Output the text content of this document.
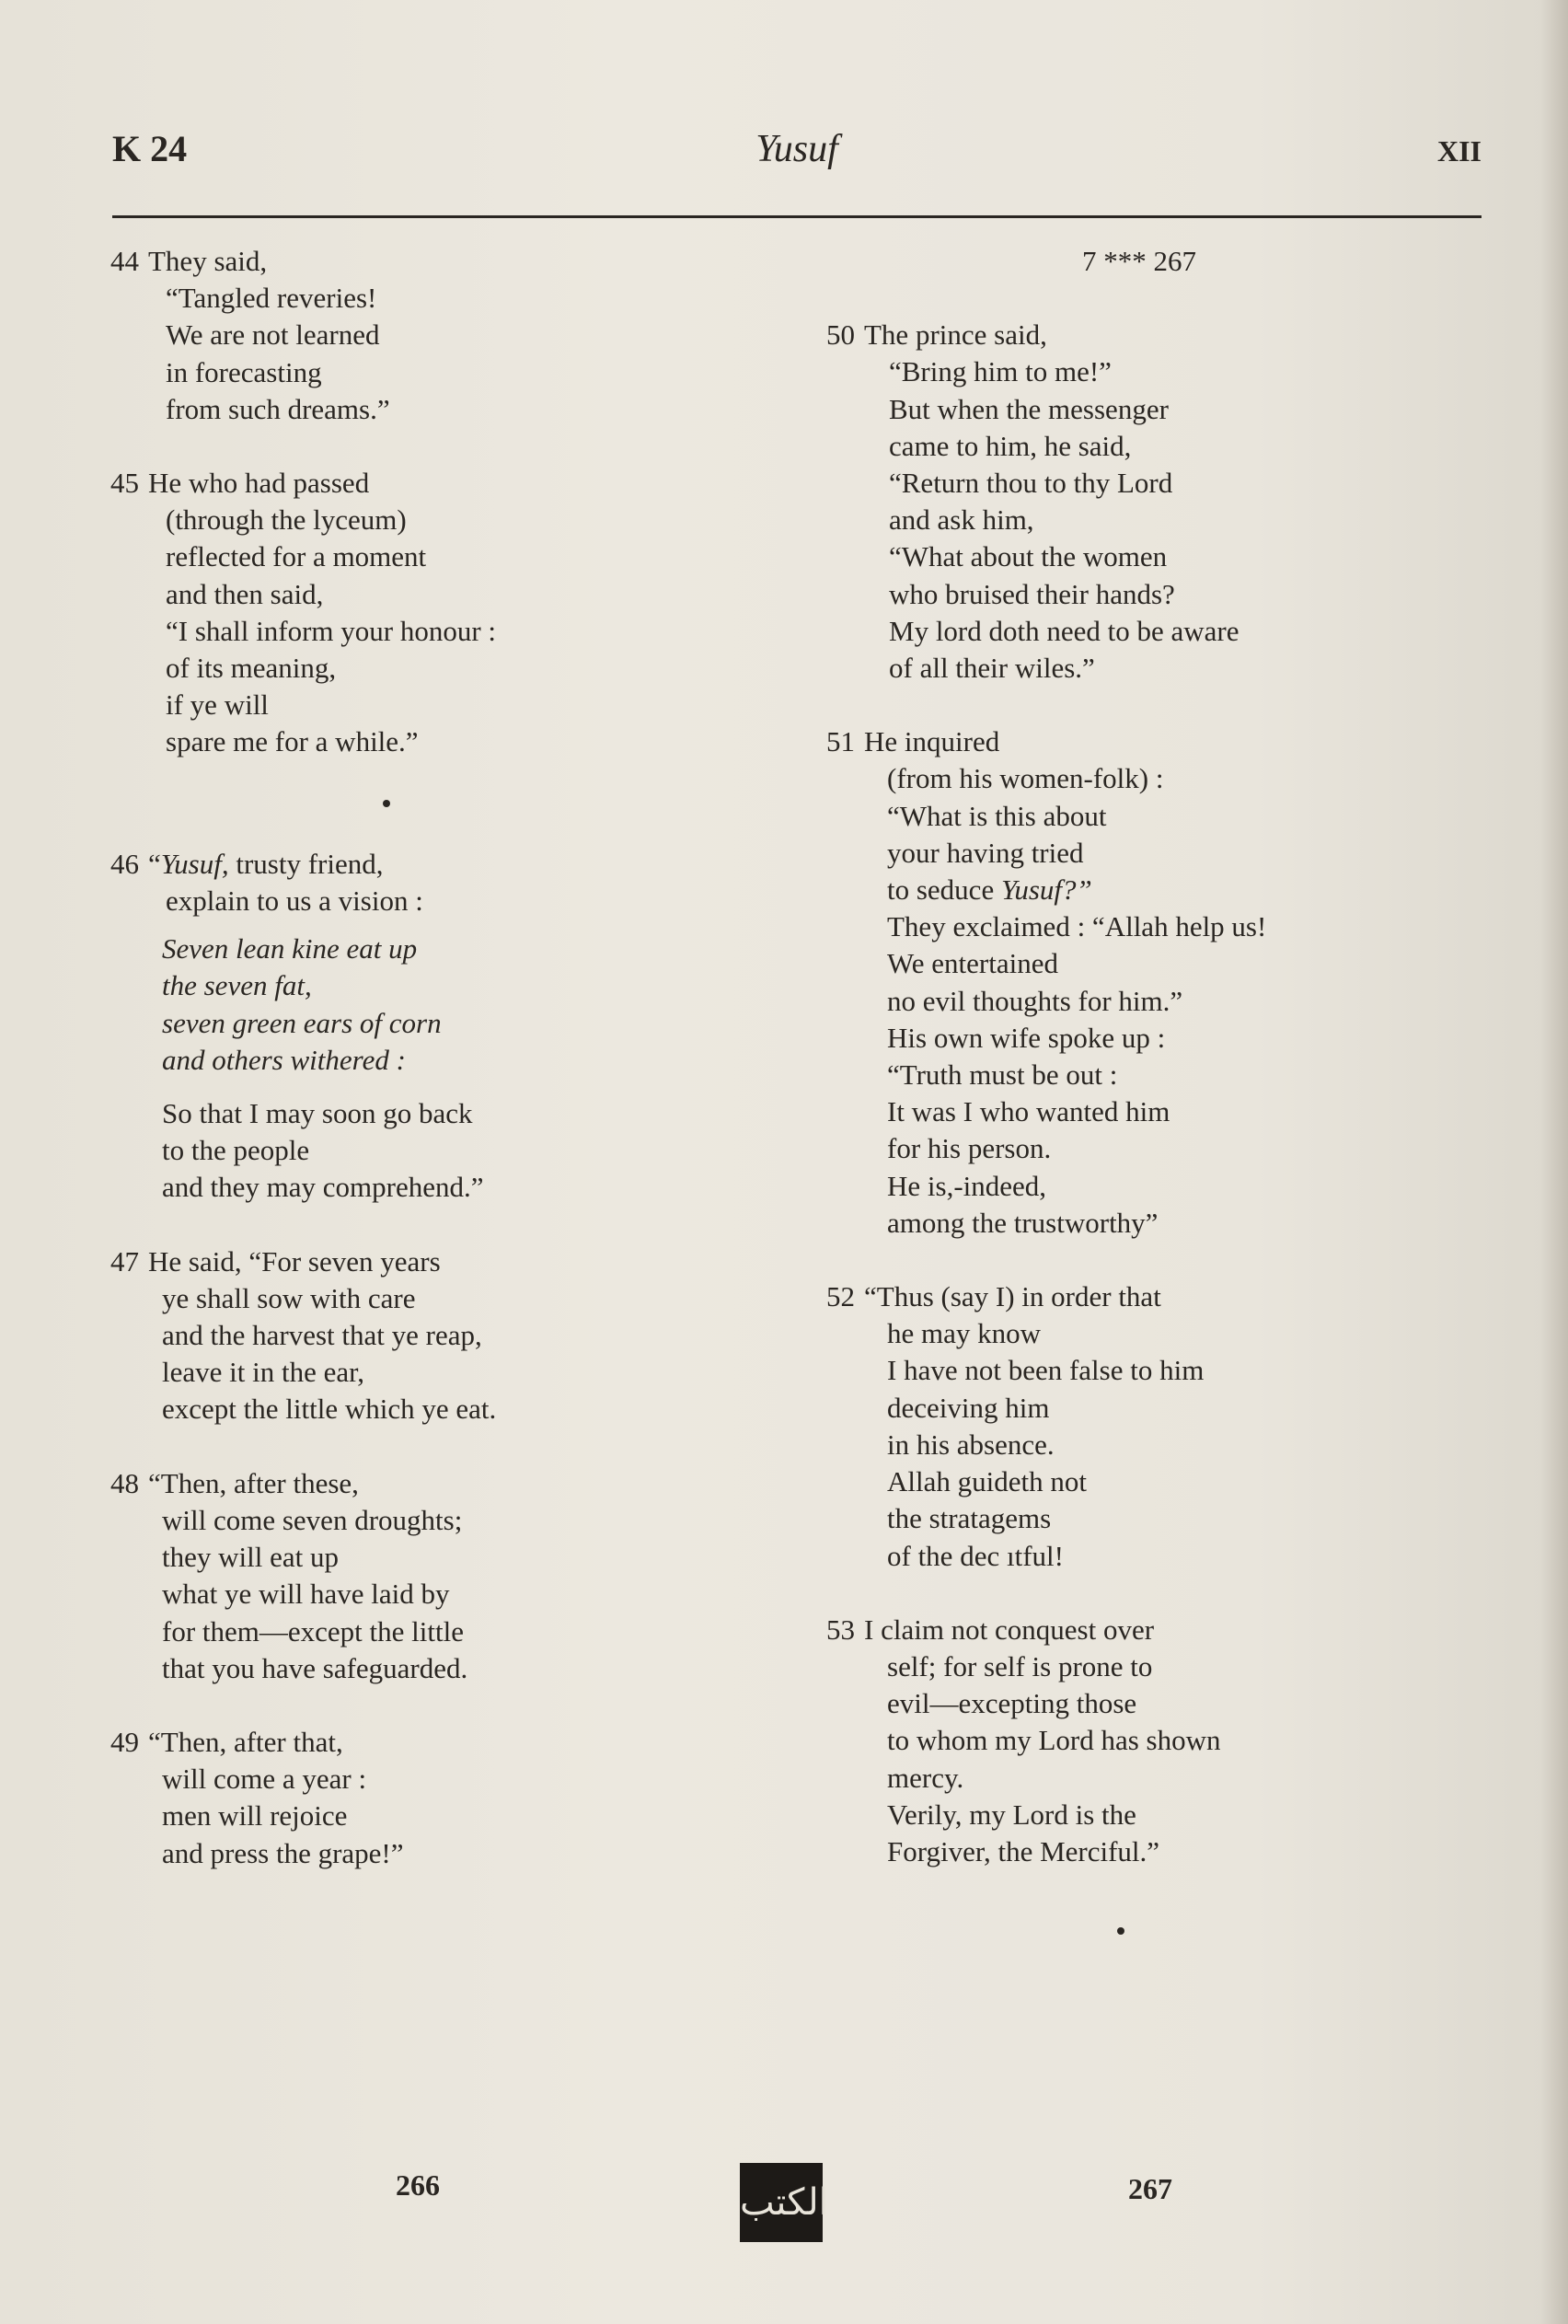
K 24	Yusuf	XII
44 They said,
“Tangled reveries!
We are not learned
in forecasting
from such dreams.”
45 He who had passed
(through the lyceum)
reflected for a moment
and then said,
“I shall inform your honour :
of its meaning,
if ye will
spare me for a while.”
46 “Yusuf, trusty friend,
explain to us a vision :
Seven lean kine eat up
the seven fat,
seven green ears of corn
and others withered :
So that I may soon go back
to the people
and they may comprehend.”
47 He said, “For seven years
ye shall sow with care
and the harvest that ye reap,
leave it in the ear,
except the little which ye eat.
48 “Then, after these,
will come seven droughts;
they will eat up
what ye will have laid by
for them—except the little
that you have safeguarded.
49 “Then, after that,
will come a year :
men will rejoice
and press the grape!”
7 *** 267
50 The prince said,
“Bring him to me!”
But when the messenger
came to him, he said,
“Return thou to thy Lord
and ask him,
“What about the women
who bruised their hands?
My lord doth need to be aware
of all their wiles.”
51 He inquired
(from his women-folk) :
“What is this about
your having tried
to seduce Yusuf?”
They exclaimed : “Allah help us!
We entertained
no evil thoughts for him.”
His own wife spoke up :
“Truth must be out :
It was I who wanted him
for his person.
He is,-indeed,
among the trustworthy”
52 “Thus (say I) in order that
he may know
I have not been false to him
deceiving him
in his absence.
Allah guideth not
the stratagems
of the dec ıtful!
53 I claim not conquest over
self; for self is prone to
evil—excepting those
to whom my Lord has shown
mercy.
Verily, my Lord is the
Forgiver, the Merciful.”
266	الكتب	267
